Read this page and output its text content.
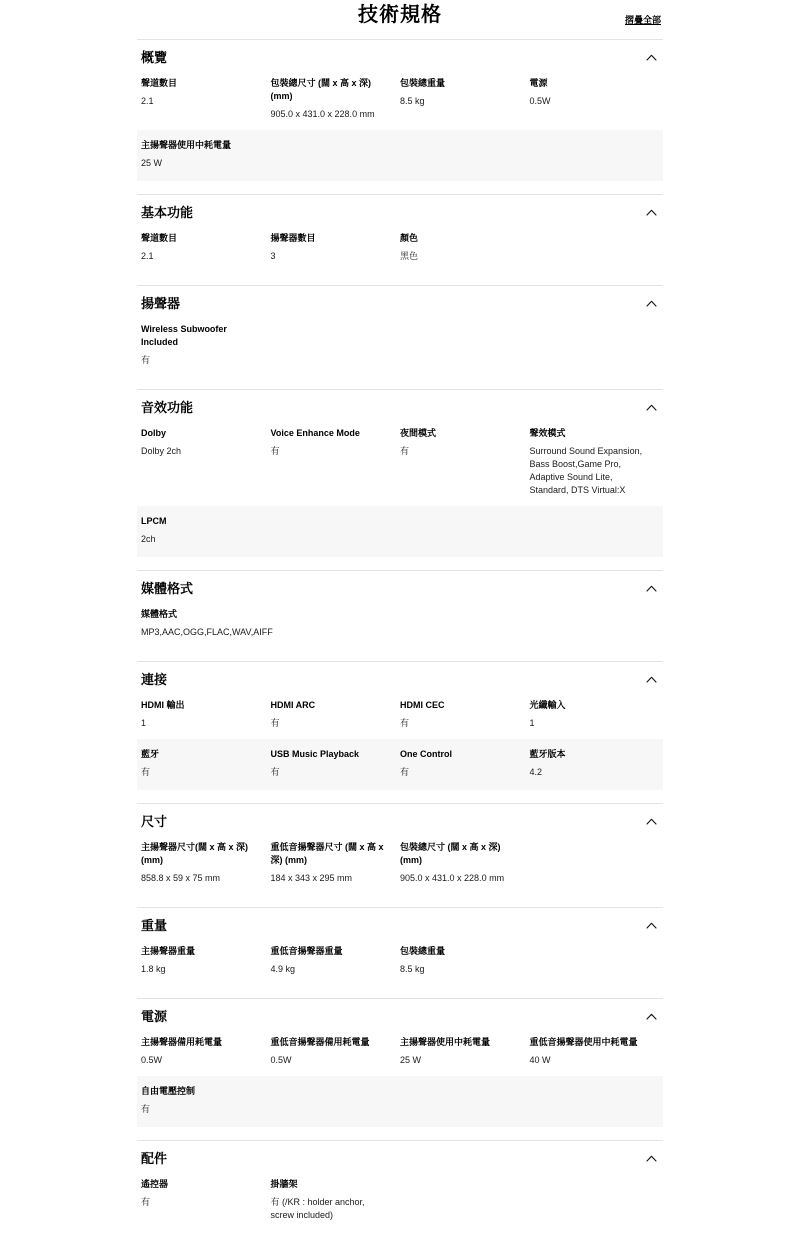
技術規格	摺疊全部
概覽
聲道數目
2.1
包裝總尺寸 (闊 x 高 x 深) (mm)
905.0 x 431.0 x 228.0 mm
包裝總重量
8.5 kg
電源
0.5W
主揚聲器使用中耗電量
25 W
基本功能
聲道數目
2.1
揚聲器數目
3
顏色
黑色
揚聲器
Wireless Subwoofer Included
有
音效功能
Dolby
Dolby 2ch
Voice Enhance Mode
有
夜間模式
有
聲效模式
Surround Sound Expansion, Bass Boost,Game Pro, Adaptive Sound Lite, Standard, DTS Virtual:X
LPCM
2ch
媒體格式
媒體格式
MP3,AAC,OGG,FLAC,WAV,AIFF
連接
HDMI 輸出
1
HDMI ARC
有
HDMI CEC
有
光纖輸入
1
藍牙
有
USB Music Playback
有
One Control
有
藍牙版本
4.2
尺寸
主揚聲器尺寸(闊 x 高 x 深) (mm)
858.8 x 59 x 75 mm
重低音揚聲器尺寸 (闊 x 高 x 深) (mm)
184 x 343 x 295 mm
包裝總尺寸 (闊 x 高 x 深) (mm)
905.0 x 431.0 x 228.0 mm
重量
主揚聲器重量
1.8 kg
重低音揚聲器重量
4.9 kg
包裝總重量
8.5 kg
電源
主揚聲器備用耗電量
0.5W
重低音揚聲器備用耗電量
0.5W
主揚聲器使用中耗電量
25 W
重低音揚聲器使用中耗電量
40 W
自由電壓控制
有
配件
遙控器
有
掛牆架
有 (/KR : holder anchor, screw included)
